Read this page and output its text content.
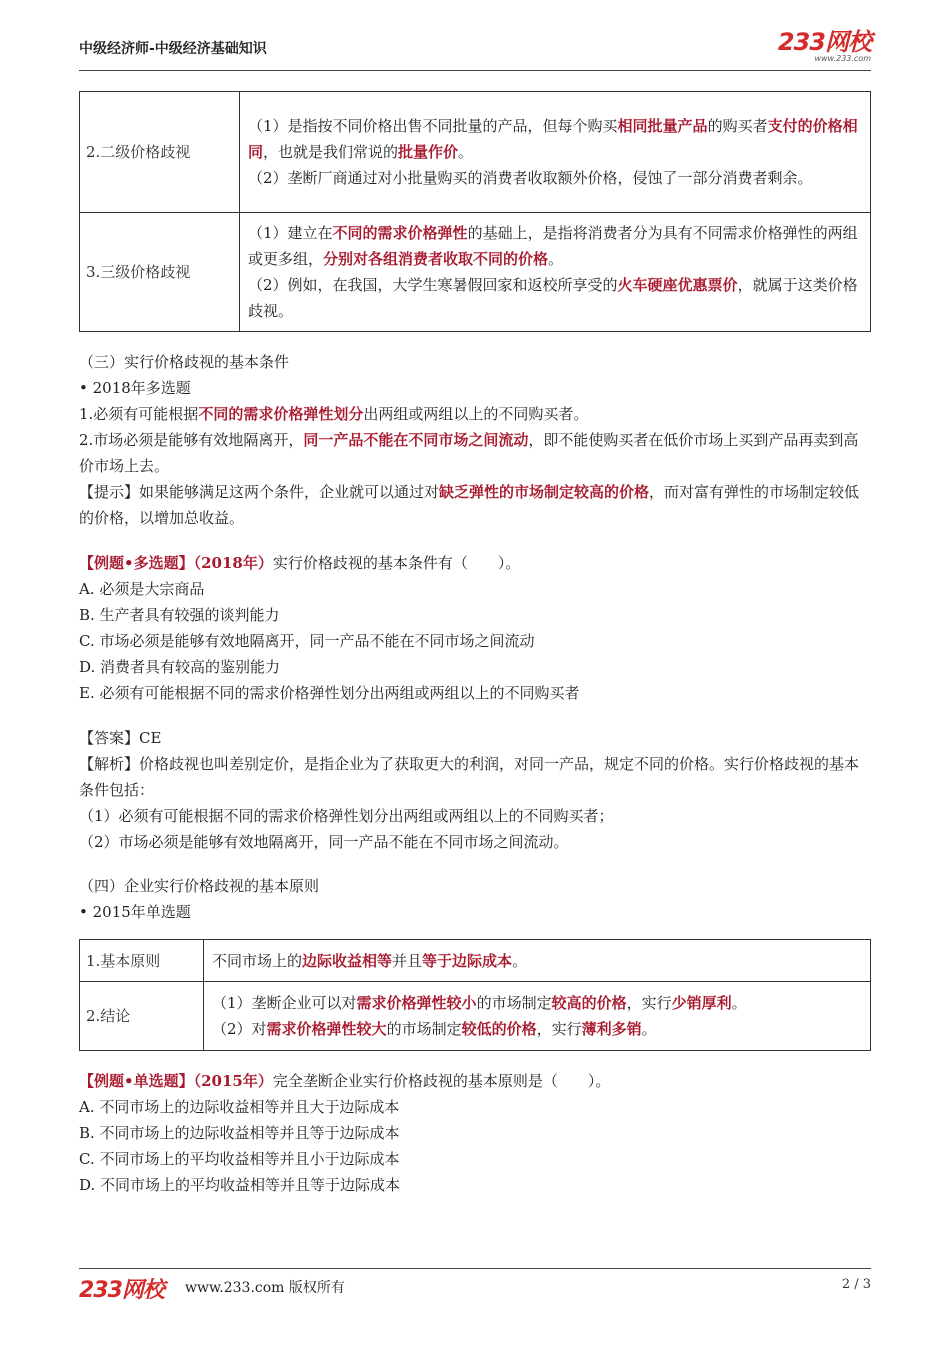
中级经济师-中级经济基础知识	233网校
www.233.com
2.二级价格歧视	（1）是指按不同价格出售不同批量的产品，但每个购买相同批量产品的购买者支付的价格相同，也就是我们常说的批量作价。
（2）垄断厂商通过对小批量购买的消费者收取额外价格，侵蚀了一部分消费者剩余。
3.三级价格歧视	（1）建立在不同的需求价格弹性的基础上，是指将消费者分为具有不同需求价格弹性的两组或更多组，分别对各组消费者收取不同的价格。
（2）例如，在我国，大学生寒暑假回家和返校所享受的火车硬座优惠票价，就属于这类价格歧视。

（三）实行价格歧视的基本条件

• 2018年多选题

1.必须有可能根据不同的需求价格弹性划分出两组或两组以上的不同购买者。

2.市场必须是能够有效地隔离开，同一产品不能在不同市场之间流动，即不能使购买者在低价市场上买到产品再卖到高价市场上去。

【提示】如果能够满足这两个条件，企业就可以通过对缺乏弹性的市场制定较高的价格，而对富有弹性的市场制定较低的价格，以增加总收益。

【例题•多选题】（2018年）实行价格歧视的基本条件有（　　）。

A. 必须是大宗商品

B. 生产者具有较强的谈判能力

C. 市场必须是能够有效地隔离开，同一产品不能在不同市场之间流动

D. 消费者具有较高的鉴别能力

E. 必须有可能根据不同的需求价格弹性划分出两组或两组以上的不同购买者

【答案】CE

【解析】价格歧视也叫差别定价，是指企业为了获取更大的利润，对同一产品，规定不同的价格。实行价格歧视的基本条件包括：

（1）必须有可能根据不同的需求价格弹性划分出两组或两组以上的不同购买者；

（2）市场必须是能够有效地隔离开，同一产品不能在不同市场之间流动。

（四）企业实行价格歧视的基本原则

• 2015年单选题

1.基本原则	不同市场上的边际收益相等并且等于边际成本。
2.结论	（1）垄断企业可以对需求价格弹性较小的市场制定较高的价格，实行少销厚利。
（2）对需求价格弹性较大的市场制定较低的价格，实行薄利多销。

【例题•单选题】（2015年）完全垄断企业实行价格歧视的基本原则是（　　）。

A. 不同市场上的边际收益相等并且大于边际成本

B. 不同市场上的边际收益相等并且等于边际成本

C. 不同市场上的平均收益相等并且小于边际成本

D. 不同市场上的平均收益相等并且等于边际成本

233网校 www.233.com 版权所有	2 / 3
